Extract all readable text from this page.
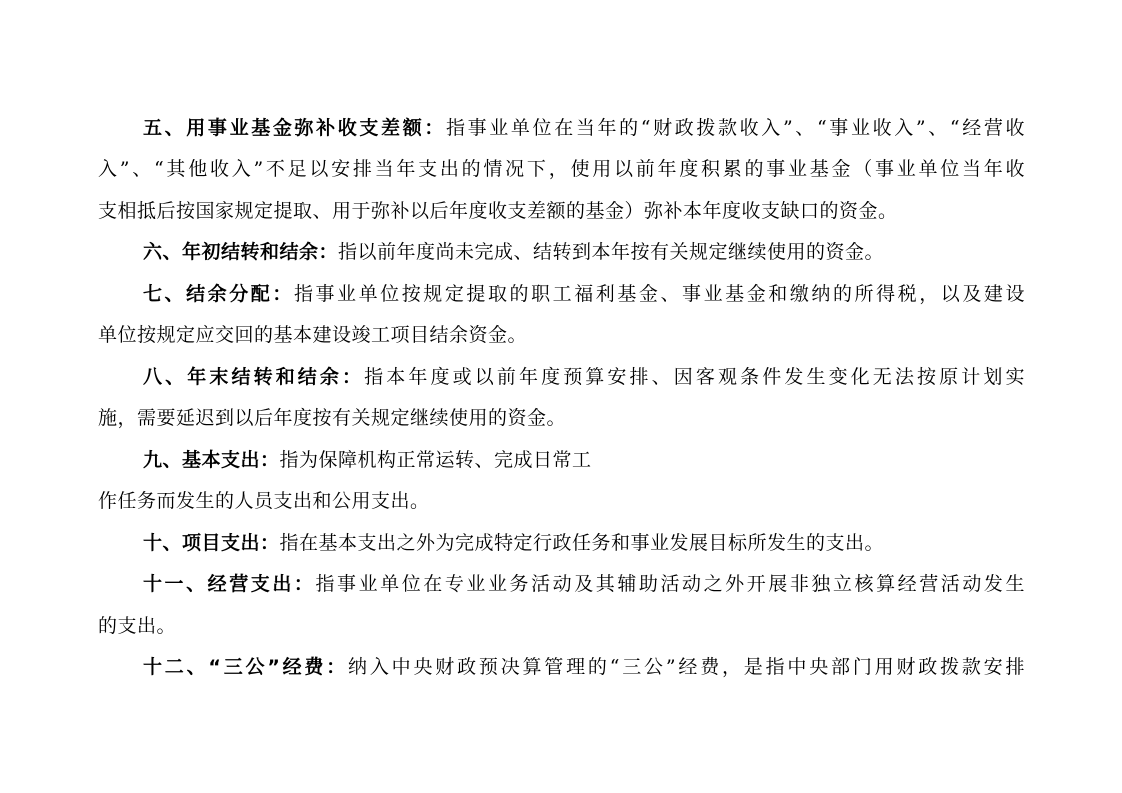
五、用事业基金弥补收支差额：指事业单位在当年的“财政拨款收入”、“事业收入”、“经营收
入”、“其他收入”不足以安排当年支出的情况下，使用以前年度积累的事业基金（事业单位当年收
支相抵后按国家规定提取、用于弥补以后年度收支差额的基金）弥补本年度收支缺口的资金。
六、年初结转和结余：指以前年度尚未完成、结转到本年按有关规定继续使用的资金。
七、结余分配：指事业单位按规定提取的职工福利基金、事业基金和缴纳的所得税，以及建设
单位按规定应交回的基本建设竣工项目结余资金。
八、年末结转和结余：指本年度或以前年度预算安排、因客观条件发生变化无法按原计划实
施，需要延迟到以后年度按有关规定继续使用的资金。
九、基本支出：指为保障机构正常运转、完成日常工
作任务而发生的人员支出和公用支出。
十、项目支出：指在基本支出之外为完成特定行政任务和事业发展目标所发生的支出。
十一、经营支出：指事业单位在专业业务活动及其辅助活动之外开展非独立核算经营活动发生
的支出。
十二、“三公”经费：纳入中央财政预决算管理的“三公”经费，是指中央部门用财政拨款安排
